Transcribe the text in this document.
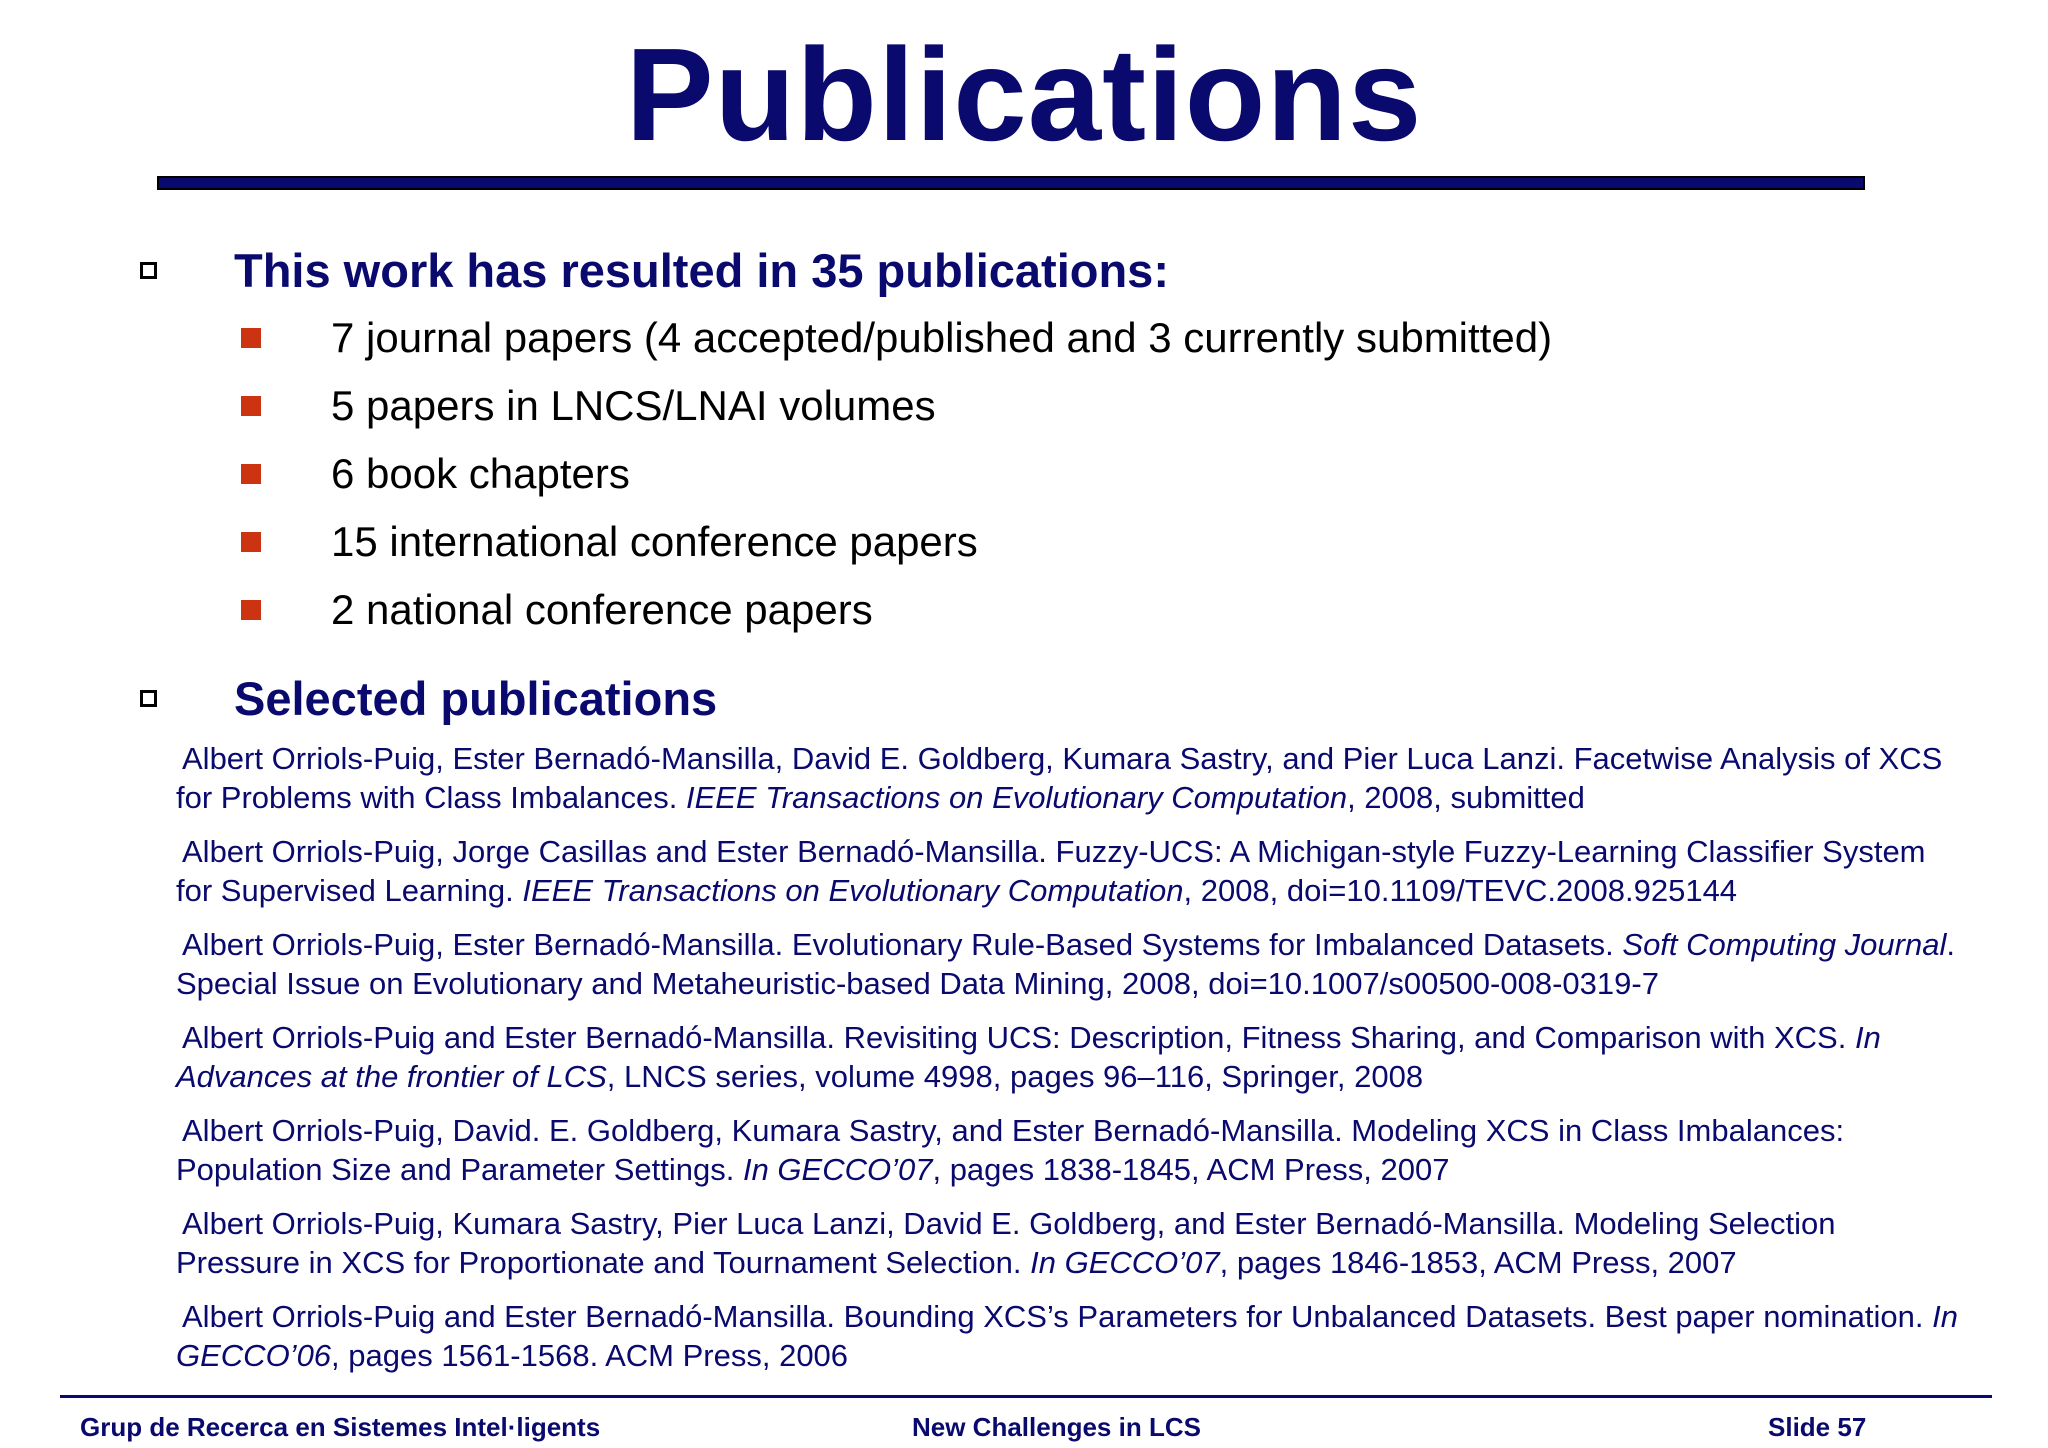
Publications
This work has resulted in 35 publications:
7 journal papers (4 accepted/published and 3 currently submitted)
5 papers in LNCS/LNAI volumes
6 book chapters
15 international conference papers
2 national conference papers
Selected publications
Albert Orriols-Puig, Ester Bernadó-Mansilla, David E. Goldberg, Kumara Sastry, and Pier Luca Lanzi. Facetwise Analysis of XCS for Problems with Class Imbalances. IEEE Transactions on Evolutionary Computation, 2008, submitted
Albert Orriols-Puig, Jorge Casillas and Ester Bernadó-Mansilla. Fuzzy-UCS: A Michigan-style Fuzzy-Learning Classifier System for Supervised Learning. IEEE Transactions on Evolutionary Computation, 2008, doi=10.1109/TEVC.2008.925144
Albert Orriols-Puig, Ester Bernadó-Mansilla. Evolutionary Rule-Based Systems for Imbalanced Datasets. Soft Computing Journal. Special Issue on Evolutionary and Metaheuristic-based Data Mining, 2008, doi=10.1007/s00500-008-0319-7
Albert Orriols-Puig and Ester Bernadó-Mansilla. Revisiting UCS: Description, Fitness Sharing, and Comparison with XCS. In Advances at the frontier of LCS, LNCS series, volume 4998, pages 96–116, Springer, 2008
Albert Orriols-Puig, David. E. Goldberg, Kumara Sastry, and Ester Bernadó-Mansilla. Modeling XCS in Class Imbalances: Population Size and Parameter Settings. In GECCO’07, pages 1838-1845, ACM Press, 2007
Albert Orriols-Puig, Kumara Sastry, Pier Luca Lanzi, David E. Goldberg, and Ester Bernadó-Mansilla. Modeling Selection Pressure in XCS for Proportionate and Tournament Selection. In GECCO’07, pages 1846-1853, ACM Press, 2007
Albert Orriols-Puig and Ester Bernadó-Mansilla. Bounding XCS’s Parameters for Unbalanced Datasets. Best paper nomination. In GECCO’06, pages 1561-1568. ACM Press, 2006
Grup de Recerca en Sistemes Intel·ligents	New Challenges in LCS	Slide 57
